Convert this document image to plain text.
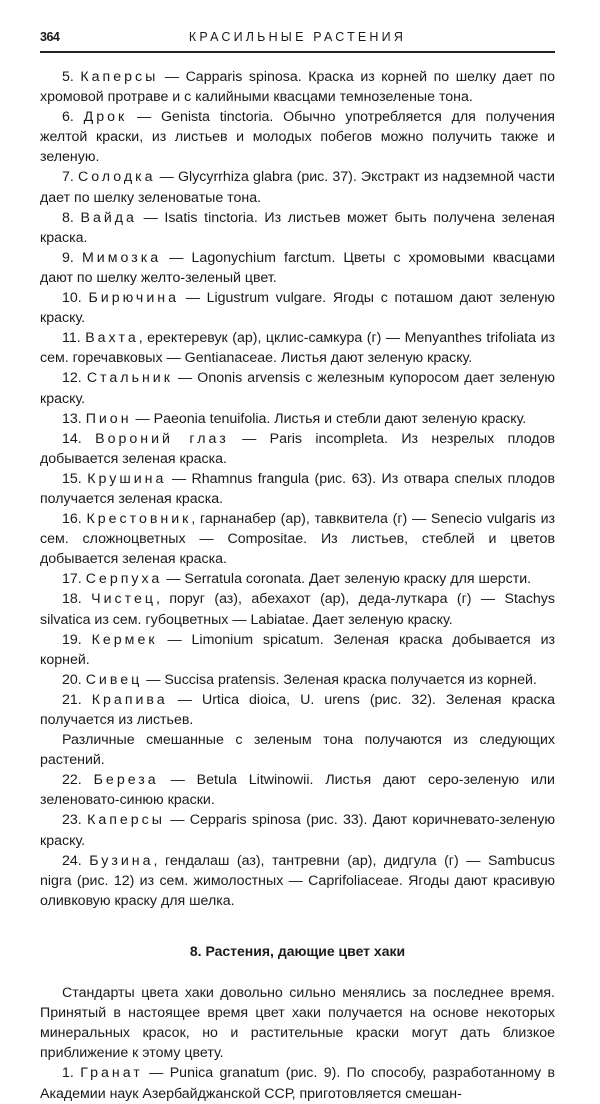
364	КРАСИЛЬНЫЕ РАСТЕНИЯ

5. Каперсы — Capparis spinosa. Краска из корней по шелку дает по хромовой протраве и с калийными квасцами темнозеленые тона.

6. Дрок — Genista tinctoria. Обычно употребляется для получения желтой краски, из листьев и молодых побегов можно получить также и зеленую.

7. Солодка — Glycyrrhiza glabra (рис. 37). Экстракт из надземной части дает по шелку зеленоватые тона.

8. Вайда — Isatis tinctoria. Из листьев может быть получена зеленая краска.

9. Мимозка — Lagonychium farctum. Цветы с хромовыми квасцами дают по шелку желто-зеленый цвет.

10. Бирючина — Ligustrum vulgare. Ягоды с поташом дают зеленую краску.

11. Вахта, еректеревук (ар), цклис-самкура (г) — Menyanthes trifoliata из сем. горечавковых — Gentianaceae. Листья дают зеленую краску.

12. Стальник — Ononis arvensis с железным купоросом дает зеленую краску.

13. Пион — Paeonia tenuifolia. Листья и стебли дают зеленую краску.

14. Вороний глаз — Paris incompleta. Из незрелых плодов добывается зеленая краска.

15. Крушина — Rhamnus frangula (рис. 63). Из отвара спелых плодов получается зеленая краска.

16. Крестовник, гарнанабер (ар), тавквитела (г) — Senecio vulgaris из сем. сложноцветных — Compositae. Из листьев, стеблей и цветов добывается зеленая краска.

17. Серпуха — Serratula coronata. Дает зеленую краску для шерсти.

18. Чистец, поруг (аз), абехахот (ар), деда-луткара (г) — Stachys silvatica из сем. губоцветных — Labiatae. Дает зеленую краску.

19. Кермек — Limonium spicatum. Зеленая краска добывается из корней.

20. Сивец — Succisa pratensis. Зеленая краска получается из корней.

21. Крапива — Urtica dioica, U. urens (рис. 32). Зеленая краска получается из листьев.

Различные смешанные с зеленым тона получаются из следующих растений.

22. Береза — Betula Litwinowii. Листья дают серо-зеленую или зеленовато-синюю краски.

23. Каперсы — Cepparis spinosa (рис. 33). Дают коричневато-зеленую краску.

24. Бузина, гендалаш (аз), тантревни (ар), дидгула (г) — Sambucus nigra (рис. 12) из сем. жимолостных — Caprifoliaceae. Ягоды дают красивую оливковую краску для шелка.

8. Растения, дающие цвет хаки

Стандарты цвета хаки довольно сильно менялись за последнее время. Принятый в настоящее время цвет хаки получается на основе некоторых минеральных красок, но и растительные краски могут дать близкое приближение к этому цвету.

1. Гранат — Punica granatum (рис. 9). По способу, разработанному в Академии наук Азербайджанской ССР, приготовляется смешан-
